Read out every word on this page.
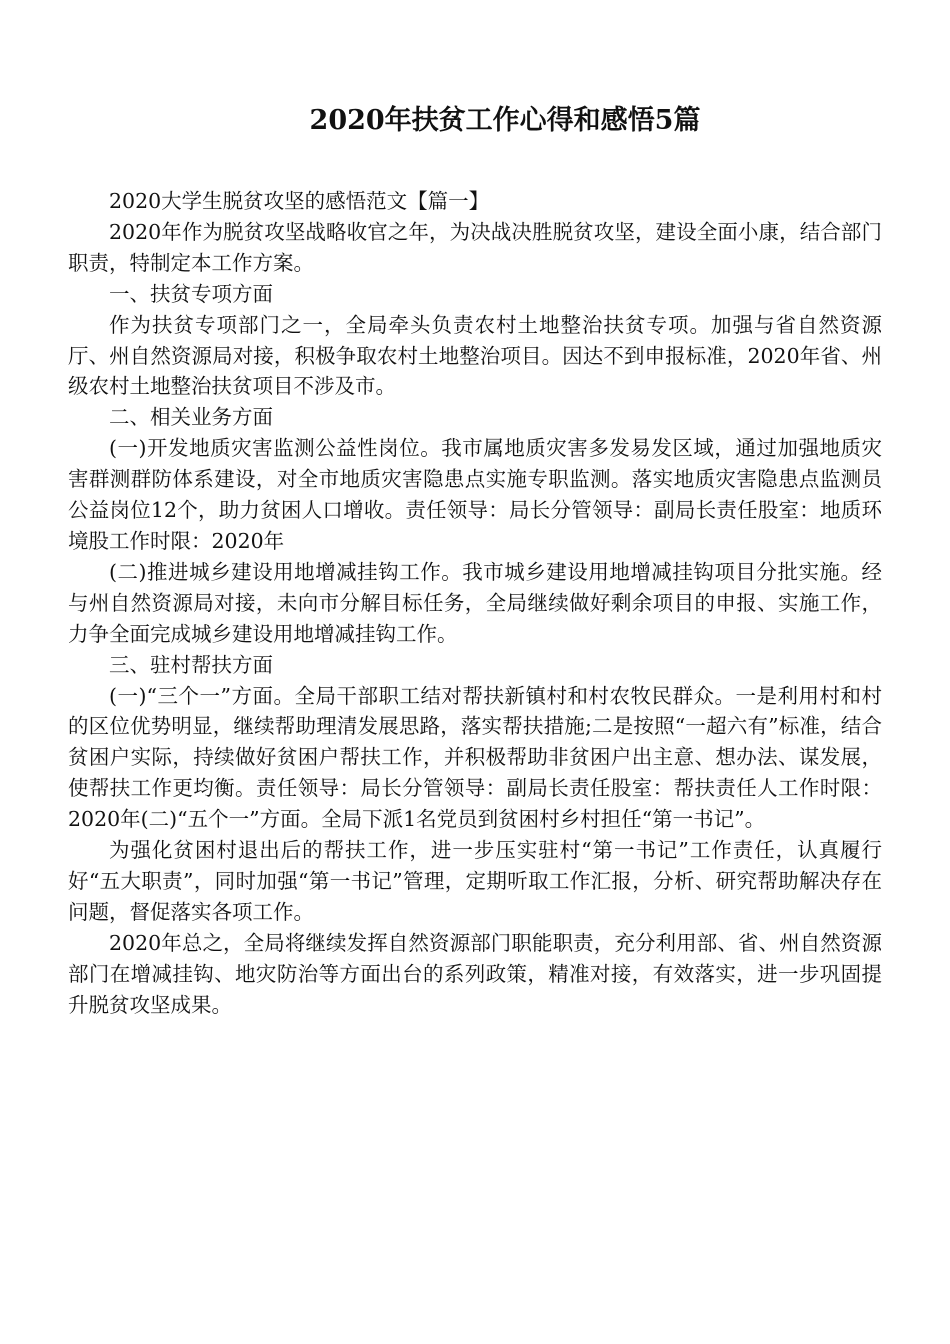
2020年扶贫工作心得和感悟5篇

2020大学生脱贫攻坚的感悟范文【篇一】

2020年作为脱贫攻坚战略收官之年，为决战决胜脱贫攻坚，建设全面小康，结合部门职责，特制定本工作方案。

一、扶贫专项方面

作为扶贫专项部门之一，全局牵头负责农村土地整治扶贫专项。加强与省自然资源厅、州自然资源局对接，积极争取农村土地整治项目。因达不到申报标准，2020年省、州级农村土地整治扶贫项目不涉及市。

二、相关业务方面

(一)开发地质灾害监测公益性岗位。我市属地质灾害多发易发区域，通过加强地质灾害群测群防体系建设，对全市地质灾害隐患点实施专职监测。落实地质灾害隐患点监测员公益岗位12个，助力贫困人口增收。责任领导：局长分管领导：副局长责任股室：地质环境股工作时限：2020年

(二)推进城乡建设用地增减挂钩工作。我市城乡建设用地增减挂钩项目分批实施。经与州自然资源局对接，未向市分解目标任务，全局继续做好剩余项目的申报、实施工作，力争全面完成城乡建设用地增减挂钩工作。

三、驻村帮扶方面

(一)“三个一”方面。全局干部职工结对帮扶新镇村和村农牧民群众。一是利用村和村的区位优势明显，继续帮助理清发展思路，落实帮扶措施;二是按照“一超六有”标准，结合贫困户实际，持续做好贫困户帮扶工作，并积极帮助非贫困户出主意、想办法、谋发展，使帮扶工作更均衡。责任领导：局长分管领导：副局长责任股室：帮扶责任人工作时限：2020年(二)“五个一”方面。全局下派1名党员到贫困村乡村担任“第一书记”。

为强化贫困村退出后的帮扶工作，进一步压实驻村“第一书记”工作责任，认真履行好“五大职责”，同时加强“第一书记”管理，定期听取工作汇报，分析、研究帮助解决存在问题，督促落实各项工作。

2020年总之，全局将继续发挥自然资源部门职能职责，充分利用部、省、州自然资源部门在增减挂钩、地灾防治等方面出台的系列政策，精准对接，有效落实，进一步巩固提升脱贫攻坚成果。
